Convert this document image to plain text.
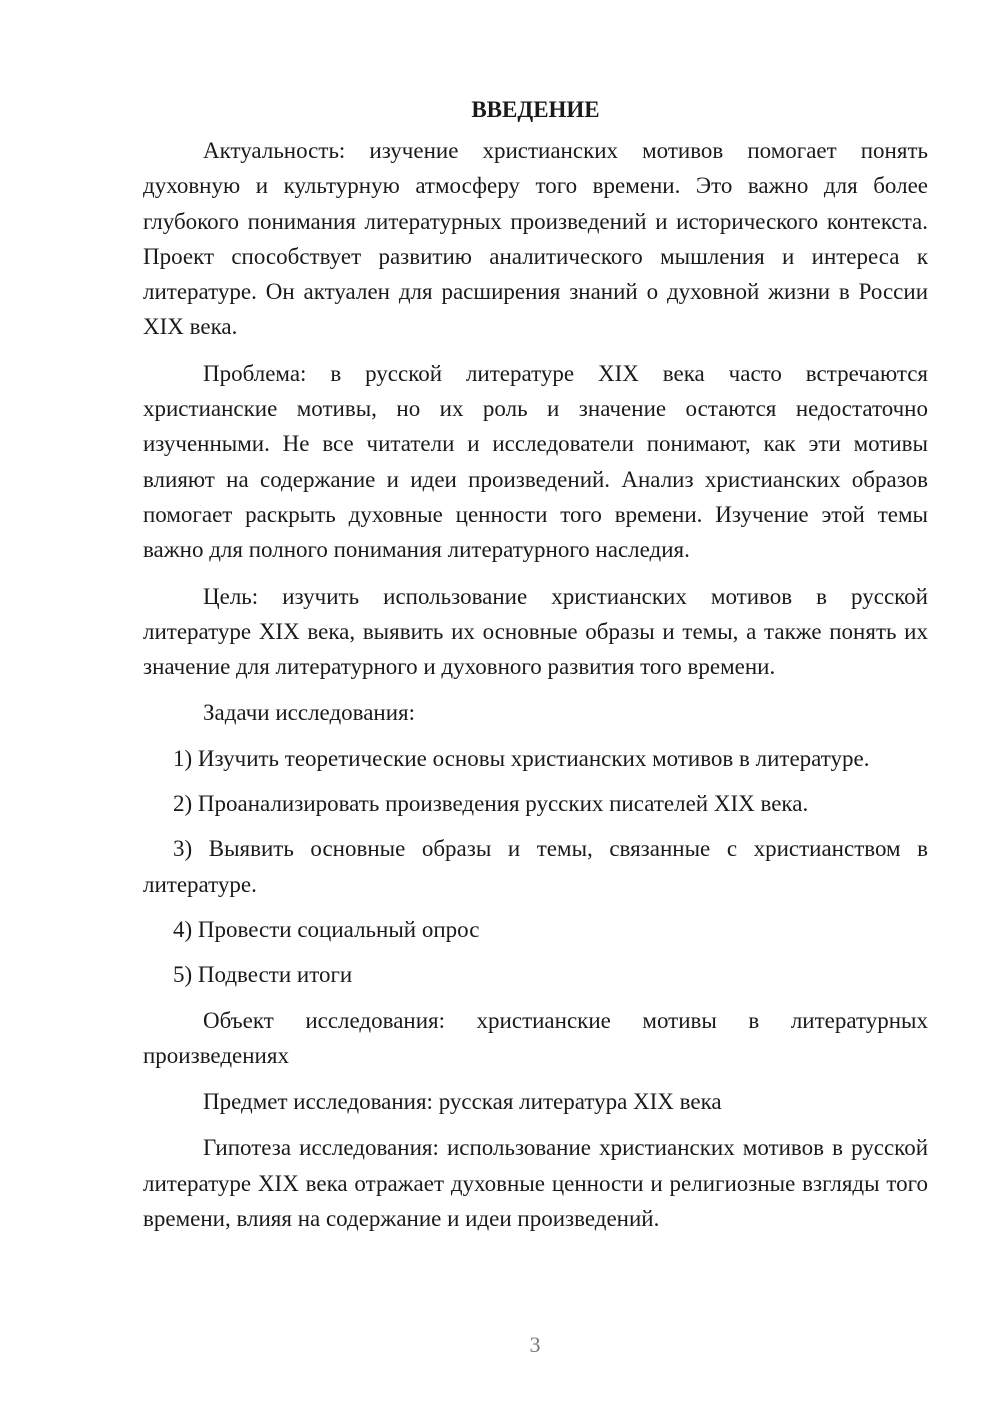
ВВЕДЕНИЕ

Актуальность: изучение христианских мотивов помогает понять духовную и культурную атмосферу того времени. Это важно для более глубокого понимания литературных произведений и исторического контекста. Проект способствует развитию аналитического мышления и интереса к литературе. Он актуален для расширения знаний о духовной жизни в России XIX века.

Проблема: в русской литературе XIX века часто встречаются христианские мотивы, но их роль и значение остаются недостаточно изученными. Не все читатели и исследователи понимают, как эти мотивы влияют на содержание и идеи произведений. Анализ христианских образов помогает раскрыть духовные ценности того времени. Изучение этой темы важно для полного понимания литературного наследия.

Цель: изучить использование христианских мотивов в русской литературе XIX века, выявить их основные образы и темы, а также понять их значение для литературного и духовного развития того времени.

Задачи исследования:

1) Изучить теоретические основы христианских мотивов в литературе.

2) Проанализировать произведения русских писателей XIX века.

3) Выявить основные образы и темы, связанные с христианством в литературе.

4) Провести социальный опрос

5) Подвести итоги

Объект исследования: христианские мотивы в литературных произведениях

Предмет исследования: русская литература XIX века

Гипотеза исследования: использование христианских мотивов в русской литературе XIX века отражает духовные ценности и религиозные взгляды того времени, влияя на содержание и идеи произведений.

3
